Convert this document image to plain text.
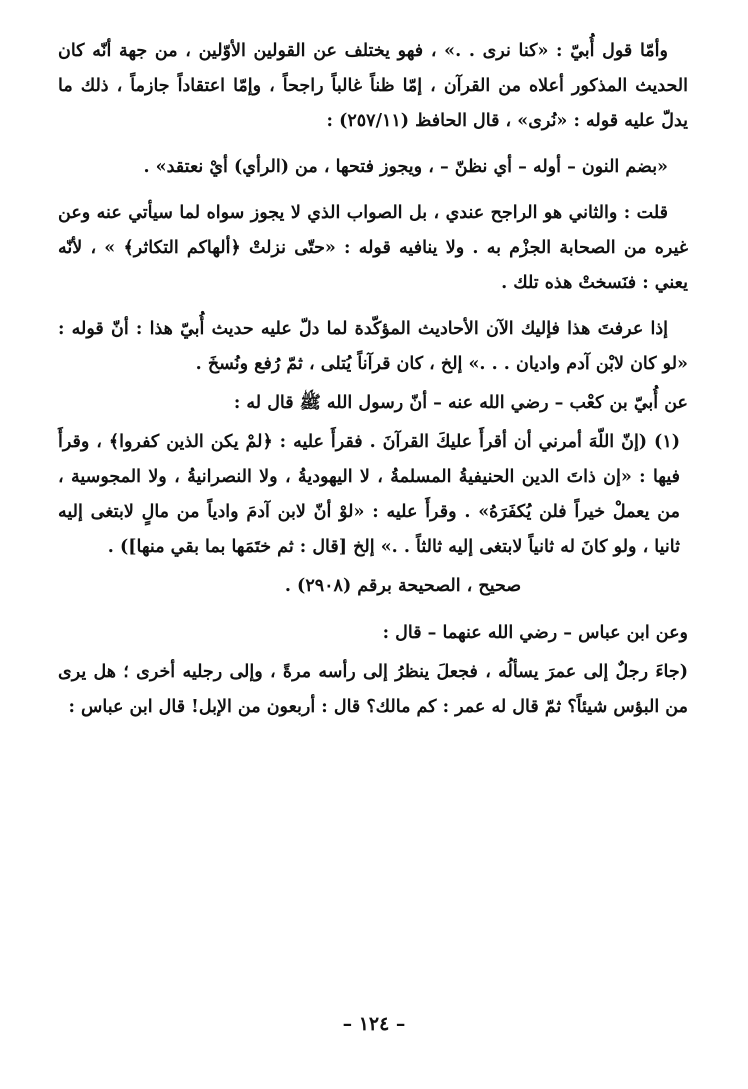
وأمّا قول أُبيّ : «كنا نرى . .» ، فهو يختلف عن القولين الأوّلين ، من جهة أنّه كان الحديث المذكور أعلاه من القرآن ، إمّا ظناً غالباً راجحاً ، وإمّا اعتقاداً جازماً ، ذلك ما يدلّ عليه قوله : «نُرى» ، قال الحافظ (٢٥٧/١١) :

«بضم النون – أوله – أي نظنّ – ، ويجوز فتحها ، من (الرأي) أيْ نعتقد» .

قلت : والثاني هو الراجح عندي ، بل الصواب الذي لا يجوز سواه لما سيأتي عنه وعن غيره من الصحابة الجزْم به . ولا ينافيه قوله : «حتّى نزلتْ ﴿ألهاكم التكاثر﴾ » ، لأنّه يعني : فنَسختْ هذه تلك .

إذا عرفتَ هذا فإليك الآن الأحاديث المؤكّدة لما دلّ عليه حديث أُبيّ هذا : أنّ قوله : «لو كان لابْن آدم واديان . . .» إلخ ، كان قرآناً يُتلى ، ثمّ رُفع ونُسخَ .

عن أُبيّ بن كعْب – رضي الله عنه – أنّ رسول الله ﷺ قال له :

(١) (إنّ اللّهَ أمرني أن أقرأَ عليكَ القرآنَ . فقرأَ عليه : ﴿لمْ يكن الذين كفروا﴾ ، وقرأَ فيها : «إن ذاتَ الدين الحنيفيةُ المسلمةُ ، لا اليهوديةُ ، ولا النصرانيةُ ، ولا المجوسية ، من يعملْ خيراً فلن يُكفَرَهُ» . وقرأَ عليه : «لوْ أنّ لابن آدمَ وادياً من مالٍ لابتغى إليه ثانيا ، ولو كانَ له ثانياً لابتغى إليه ثالثاً . .» إلخ [قال : ثم ختَمَها بما بقي منها]) .

صحيح ، الصحيحة برقم (٢٩٠٨) .

وعن ابن عباس – رضي الله عنهما – قال :

(جاءَ رجلٌ إلى عمرَ يسألُه ، فجعلَ ينظرُ إلى رأسه مرةً ، وإلى رجليه أخرى ؛ هل يرى من البؤس شيئاً؟ ثمّ قال له عمر : كم مالك؟ قال : أربعون من الإبل! قال ابن عباس :

– ١٢٤ –
